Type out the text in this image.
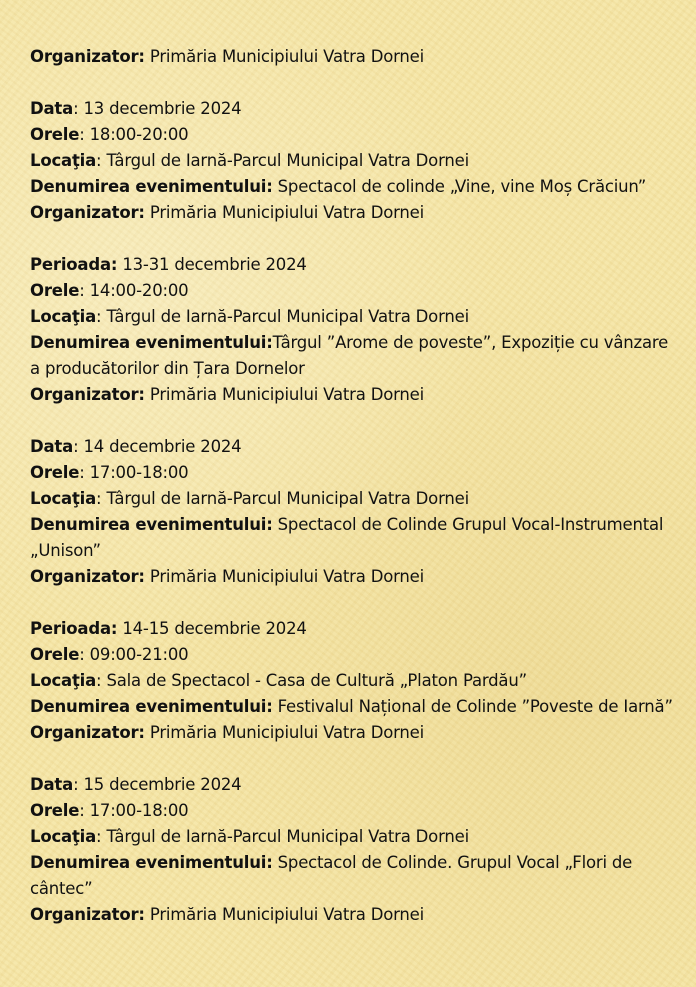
Organizator: Primăria Municipiului Vatra Dornei
Data: 13 decembrie 2024
Orele: 18:00-20:00
Locaţia: Târgul de Iarnă-Parcul Municipal Vatra Dornei
Denumirea evenimentului: Spectacol de colinde „Vine, vine Moș Crăciun”
Organizator: Primăria Municipiului Vatra Dornei
Perioada: 13-31 decembrie 2024
Orele: 14:00-20:00
Locaţia: Târgul de Iarnă-Parcul Municipal Vatra Dornei
Denumirea evenimentului:Târgul ”Arome de poveste”, Expoziție cu vânzare a producătorilor din Țara Dornelor
Organizator: Primăria Municipiului Vatra Dornei
Data: 14 decembrie 2024
Orele: 17:00-18:00
Locaţia: Târgul de Iarnă-Parcul Municipal Vatra Dornei
Denumirea evenimentului: Spectacol de Colinde Grupul Vocal-Instrumental „Unison”
Organizator: Primăria Municipiului Vatra Dornei
Perioada: 14-15 decembrie 2024
Orele: 09:00-21:00
Locaţia: Sala de Spectacol - Casa de Cultură „Platon Pardău”
Denumirea evenimentului: Festivalul Național de Colinde ”Poveste de Iarnă”
Organizator: Primăria Municipiului Vatra Dornei
Data: 15 decembrie 2024
Orele: 17:00-18:00
Locaţia: Târgul de Iarnă-Parcul Municipal Vatra Dornei
Denumirea evenimentului: Spectacol de Colinde. Grupul Vocal „Flori de cântec”
Organizator: Primăria Municipiului Vatra Dornei
